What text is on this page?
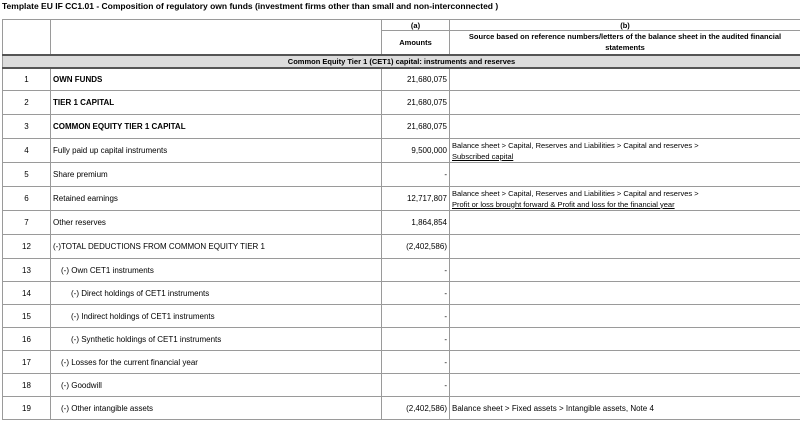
Template EU IF CC1.01 - Composition of regulatory own funds (investment firms other than small and non-interconnected )
		(a)	(b)
		Amounts	Source based on reference numbers/letters of the balance sheet in the audited financial statements
Common Equity Tier 1 (CET1) capital: instruments and reserves			
1	OWN FUNDS	21,680,075	
2	TIER 1 CAPITAL	21,680,075	
3	COMMON EQUITY TIER 1 CAPITAL	21,680,075	
4	Fully paid up capital instruments	9,500,000	Balance sheet > Capital, Reserves and Liabilities > Capital and reserves >
Subscribed capital

5	Share premium	-	
6	Retained earnings	12,717,807	Balance sheet > Capital, Reserves and Liabilities > Capital and reserves >
Profit or loss brought forward & Profit and loss for the financial year

7	Other reserves	1,864,854	
12	(-)TOTAL DEDUCTIONS FROM COMMON EQUITY TIER 1	(2,402,586)	
13	(-) Own CET1 instruments	-	
14	(-) Direct holdings of CET1 instruments	-	
15	(-) Indirect holdings of CET1 instruments	-	
16	(-) Synthetic holdings of CET1 instruments	-	
17	(-) Losses for the current financial year	-	
18	(-) Goodwill	-	
19	(-) Other intangible assets	(2,402,586)	Balance sheet > Fixed assets > Intangible assets, Note 4
